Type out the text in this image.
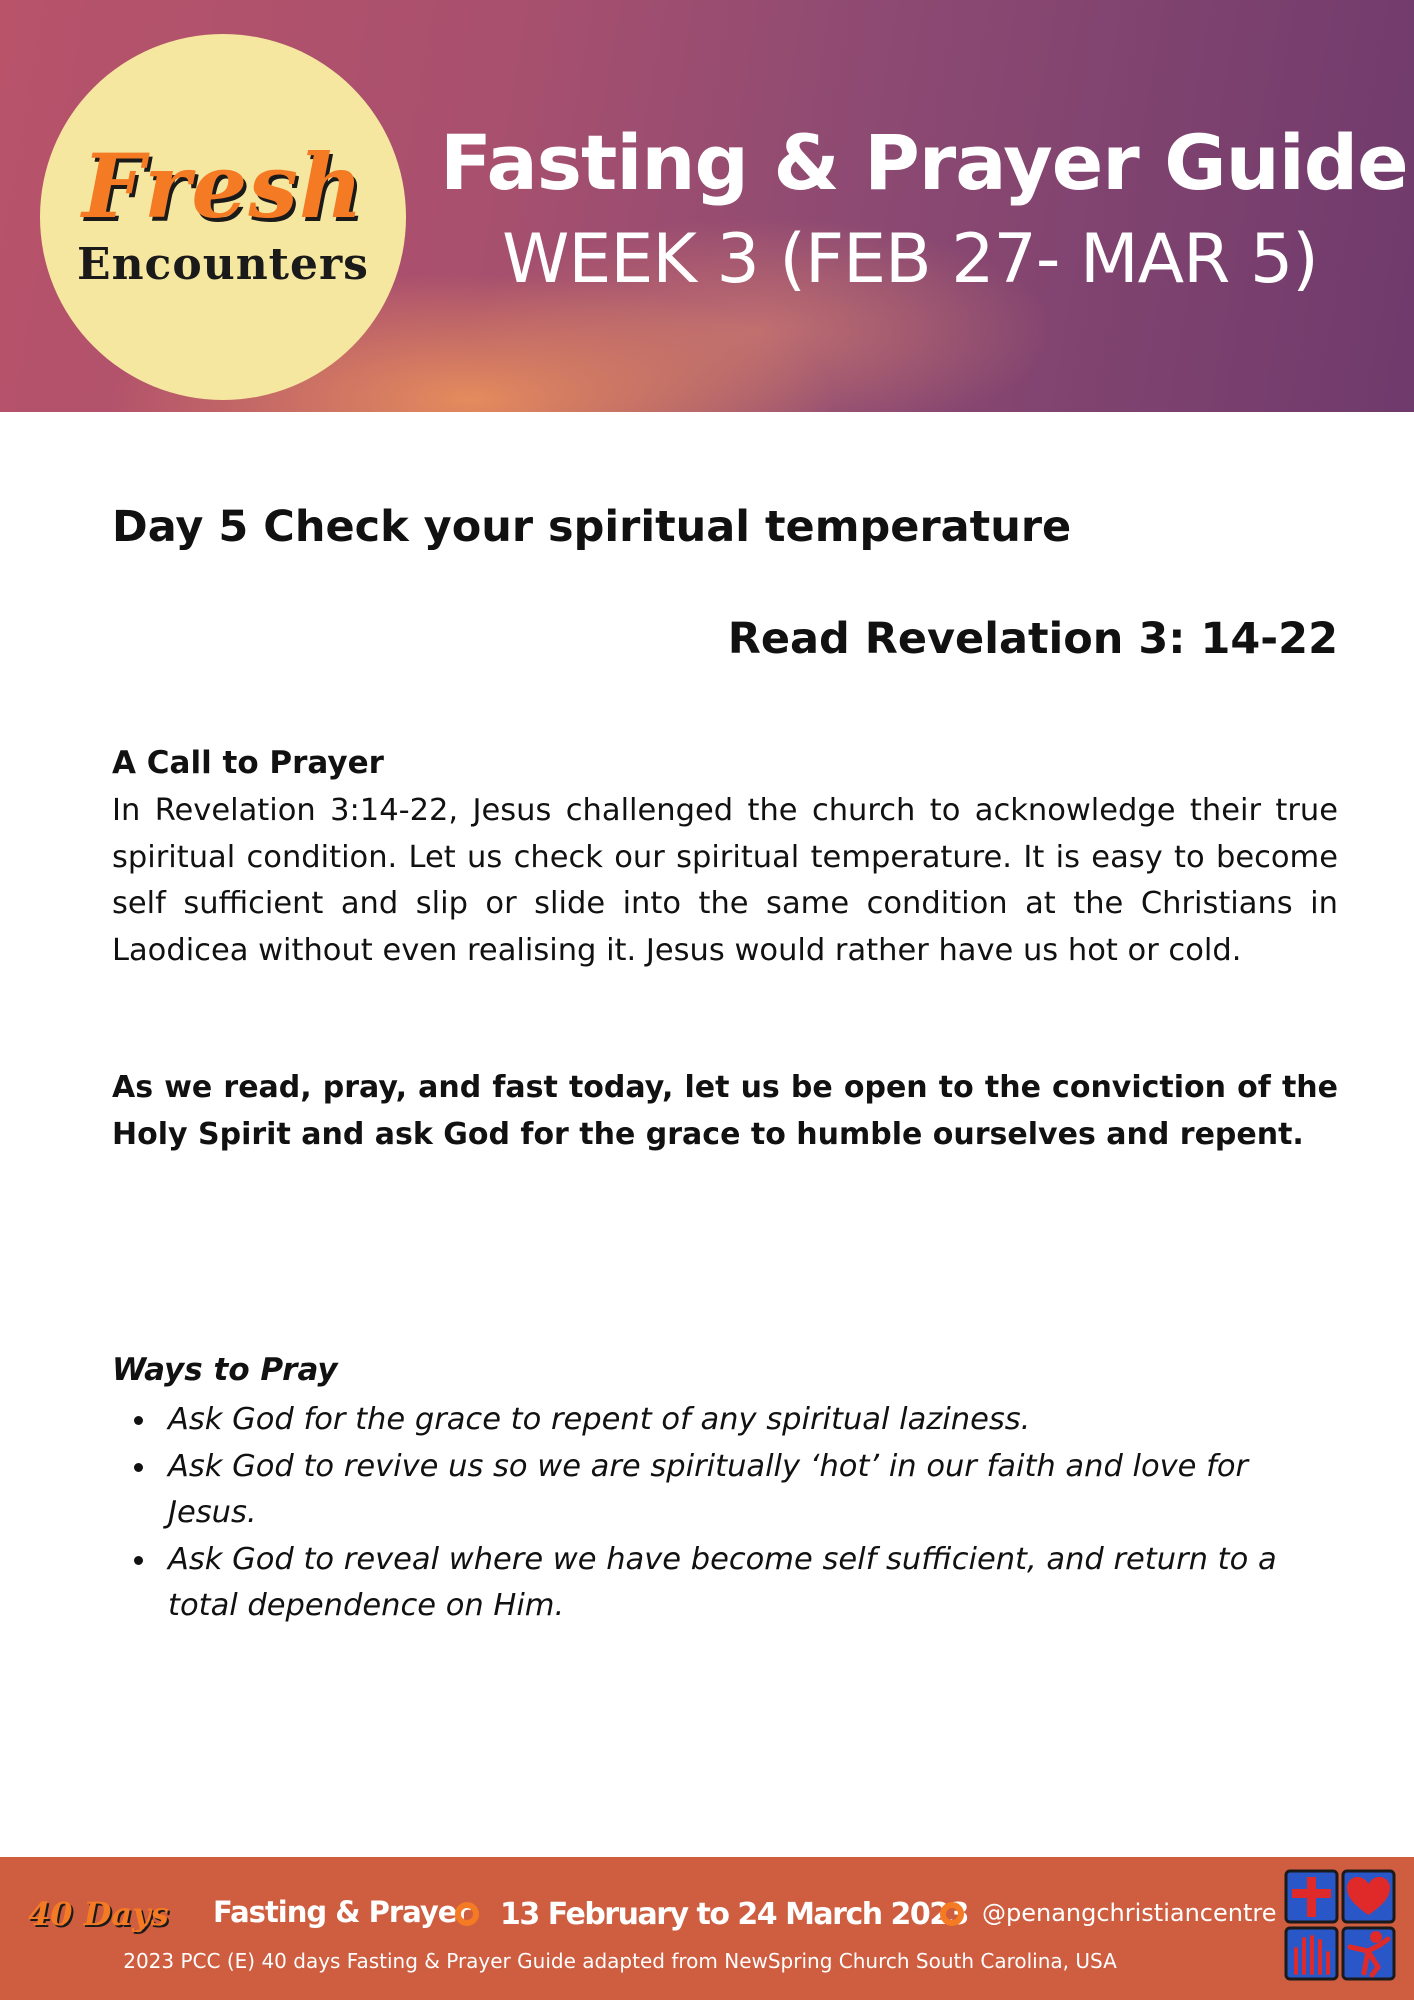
Fresh
Encounters
Fasting & Prayer Guide
WEEK 3 (FEB 27- MAR 5)
Day 5 Check your spiritual temperature
Read Revelation 3: 14-22
A Call to Prayer

In Revelation 3:14-22, Jesus challenged the church to acknowledge their true spiritual condition. Let us check our spiritual temperature. It is easy to become self sufficient and slip or slide into the same condition at the Christians in Laodicea without even realising it. Jesus would rather have us hot or cold.

As we read, pray, and fast today, let us be open to the conviction of the Holy Spirit and ask God for the grace to humble ourselves and repent.

Ways to Pray
Ask God for the grace to repent of any spiritual laziness.
Ask God to revive us so we are spiritually ‘hot’ in our faith and love for Jesus.
Ask God to reveal where we have become self sufficient, and return to a total dependence on Him.
40 Days Fasting & Prayer 13 February to 24 March 2023 @penangchristiancentre
2023 PCC (E) 40 days Fasting & Prayer Guide adapted from NewSpring Church South Carolina, USA
